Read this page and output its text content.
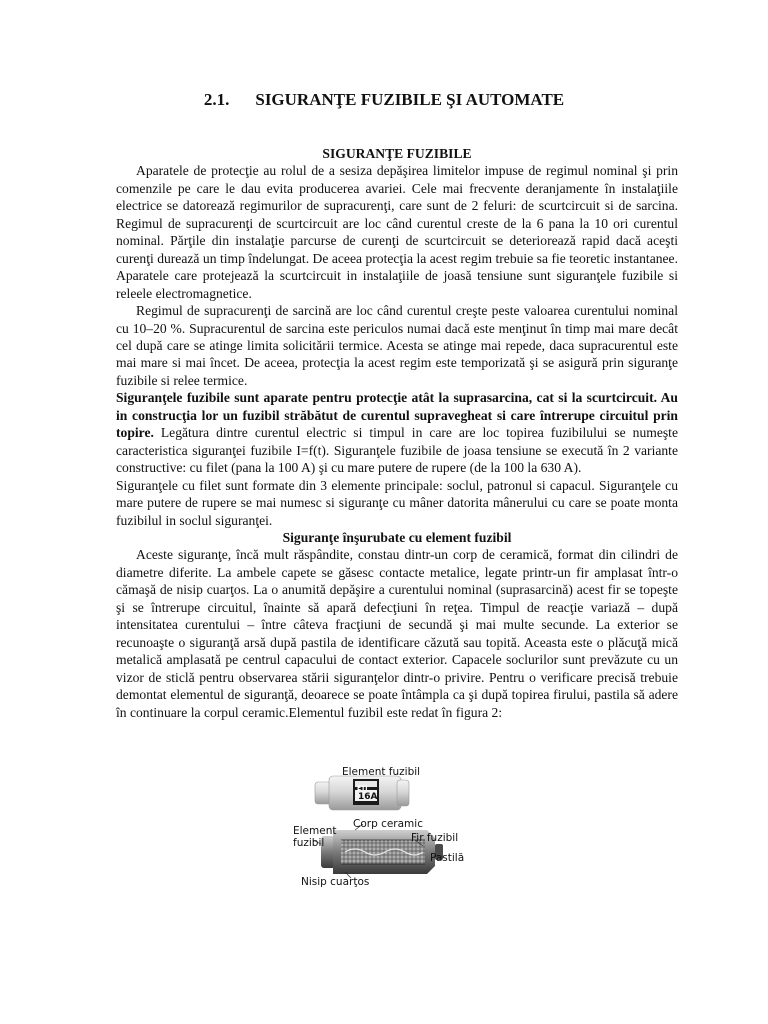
2.1. SIGURANŢE FUZIBILE ŞI AUTOMATE
SIGURANŢE FUZIBILE

Aparatele de protecţie au rolul de a sesiza depăşirea limitelor impuse de regimul nominal şi prin comenzile pe care le dau evita producerea avariei. Cele mai frecvente deranjamente în instalaţiile electrice se datorează regimurilor de supracurenţi, care sunt de 2 feluri: de scurtcircuit si de sarcina. Regimul de supracurenţi de scurtcircuit are loc când curentul creste de la 6 pana la 10 ori curentul nominal. Părţile din instalaţie parcurse de curenţi de scurtcircuit se deteriorează rapid dacă aceşti curenţi durează un timp îndelungat. De aceea protecţia la acest regim trebuie sa fie teoretic instantanee. Aparatele care protejează la scurtcircuit in instalaţiile de joasă tensiune sunt siguranţele fuzibile si releele electromagnetice.

Regimul de supracurenţi de sarcină are loc când curentul creşte peste valoarea curentului nominal cu 10–20 %. Supracurentul de sarcina este periculos numai dacă este menţinut în timp mai mare decât cel după care se atinge limita solicitării termice. Acesta se atinge mai repede, daca supracurentul este mai mare si mai încet. De aceea, protecţia la acest regim este temporizată şi se asigură prin siguranţe fuzibile si relee termice.

Siguranţele fuzibile sunt aparate pentru protecţie atât la suprasarcina, cat si la scurtcircuit. Au in construcţia lor un fuzibil străbătut de curentul supravegheat si care întrerupe circuitul prin topire. Legătura dintre curentul electric si timpul in care are loc topirea fuzibilului se numeşte caracteristica siguranţei fuzibile I=f(t). Siguranţele fuzibile de joasa tensiune se execută în 2 variante constructive: cu filet (pana la 100 A) şi cu mare putere de rupere (de la 100 la 630 A).

Siguranţele cu filet sunt formate din 3 elemente principale: soclul, patronul si capacul. Siguranţele cu mare putere de rupere se mai numesc si siguranţe cu mâner datorita mânerului cu care se poate monta fuzibilul in soclul siguranţei.

Siguranţe înşurubate cu element fuzibil

Aceste siguranţe, încă mult răspândite, constau dintr-un corp de ceramică, format din cilindri de diametre diferite. La ambele capete se găsesc contacte metalice, legate printr-un fir amplasat într-o cămaşă de nisip cuarţos. La o anumită depăşire a curentului nominal (suprasarcină) acest fir se topeşte şi se întrerupe circuitul, înainte să apară defecţiuni în reţea. Timpul de reacţie variază – după intensitatea curentului – între câteva fracţiuni de secundă şi mai multe secunde. La exterior se recunoaşte o siguranţă arsă după pastila de identificare căzută sau topită. Aceasta este o plăcuţă mică metalică amplasată pe centrul capacului de contact exterior. Capacele soclurilor sunt prevăzute cu un vizor de sticlă pentru observarea stării siguranţelor dintr-o privire. Pentru o verificare precisă trebuie demontat elementul de siguranţă, deoarece se poate întâmpla ca şi după topirea firului, pastila să adere în continuare la corpul ceramic.Elementul fuzibil este redat în figura 2:

Element fuzibil
ETI
16A
Corp ceramic
Element
fuzibil	Fir fuzibil
Pastilă
Nisip cuarţos
